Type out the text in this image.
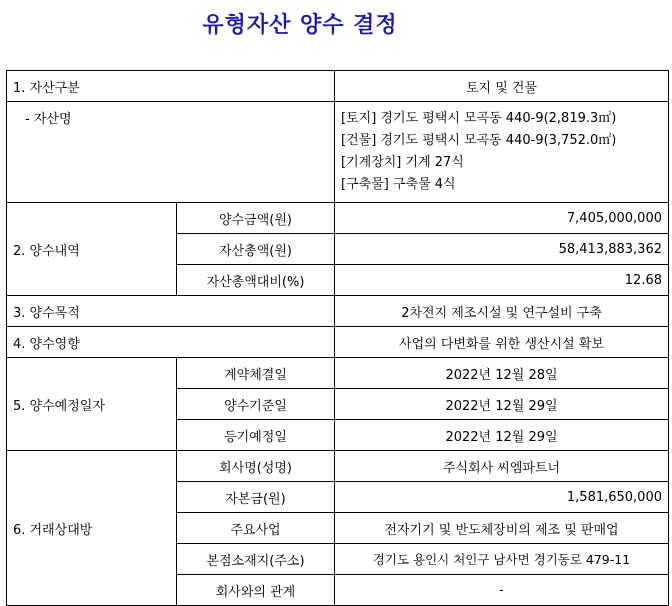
유형자산 양수 결정
1. 자산구분		토지 및 건물
- 자산명		[토지] 경기도 평택시 모곡동 440-9(2,819.3㎡)
[건물] 경기도 평택시 모곡동 440-9(3,752.0㎡)
[기계장치] 기계 27식
[구축물] 구축물 4식

2. 양수내역	양수금액(원)	7,405,000,000
	자산총액(원)	58,413,883,362
	자산총액대비(%)	12.68
3. 양수목적		2차전지 제조시설 및 연구설비 구축
4. 양수영향		사업의 다변화를 위한 생산시설 확보
5. 양수예정일자	계약체결일	2022년 12월 28일
	양수기준일	2022년 12월 29일
	등기예정일	2022년 12월 29일
6. 거래상대방	회사명(성명)	주식회사 씨엠파트너
	자본금(원)	1,581,650,000
	주요사업	전자기기 및 반도체장비의 제조 및 판매업
	본점소재지(주소)	경기도 용인시 처인구 남사면 경기동로 479-11
	회사와의 관계	-
